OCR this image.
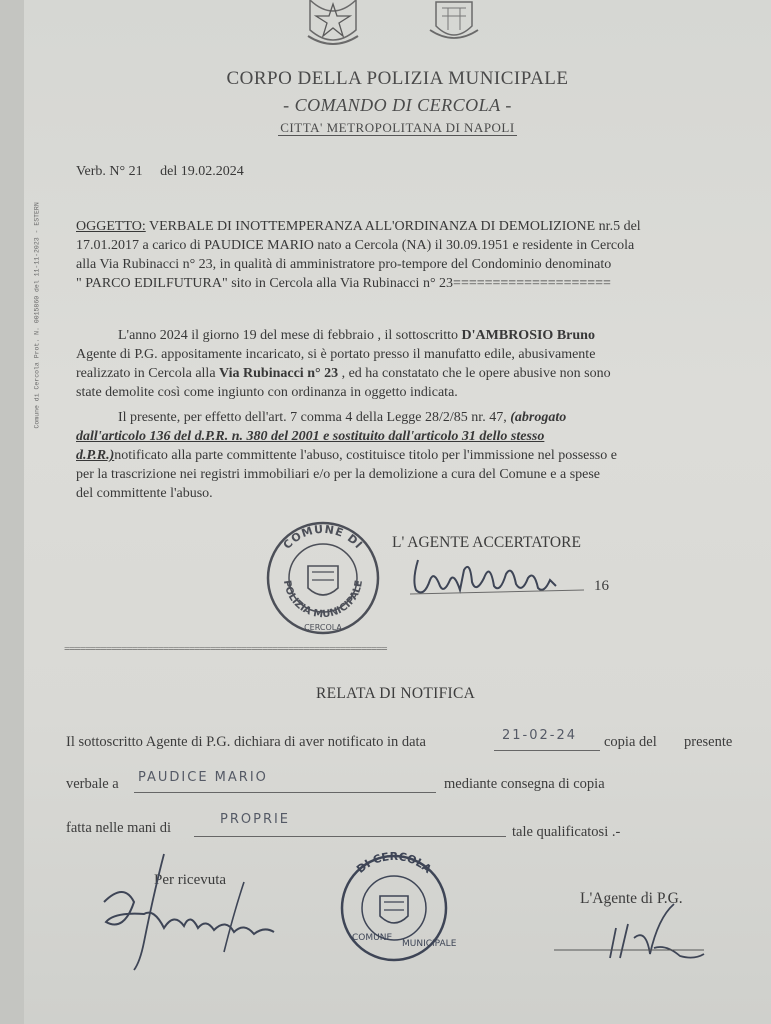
Comune di Cercola Prot. N. 0015860 del 11-11-2023 - ESTERN
CORPO DELLA POLIZIA MUNICIPALE
- COMANDO DI CERCOLA -
CITTA' METROPOLITANA DI NAPOLI
Verb. N° 21 del 19.02.2024
OGGETTO: VERBALE DI INOTTEMPERANZA ALL'ORDINANZA DI DEMOLIZIONE nr.5 del
17.01.2017 a carico di PAUDICE MARIO nato a Cercola (NA) il 30.09.1951 e residente in Cercola
alla Via Rubinacci n° 23, in qualità di amministratore pro-tempore del Condominio denominato
" PARCO EDILFUTURA" sito in Cercola alla Via Rubinacci n° 23====================
L'anno 2024 il giorno 19 del mese di febbraio , il sottoscritto D'AMBROSIO Bruno
Agente di P.G. appositamente incaricato, si è portato presso il manufatto edile, abusivamente
realizzato in Cercola alla Via Rubinacci n° 23 , ed ha constatato che le opere abusive non sono
state demolite così come ingiunto con ordinanza in oggetto indicata.
Il presente, per effetto dell'art. 7 comma 4 della Legge 28/2/85 nr. 47, (abrogato
dall'articolo 136 del d.P.R. n. 380 del 2001 e sostituito dall'articolo 31 dello stesso
d.P.R.)notificato alla parte committente l'abuso, costituisce titolo per l'immissione nel possesso e
per la trascrizione nei registri immobiliari e/o per la demolizione a cura del Comune e a spese
del committente l'abuso.
COMUNE DI
POLIZIA MUNICIPALE
CERCOLA
L' AGENTE ACCERTATORE
16
==============================================================
RELATA DI NOTIFICA
Il sottoscritto Agente di P.G. dichiara di aver notificato in data	21-02-24 copia del presente
verbale a PAUDICE MARIO	mediante consegna di copia
fatta nelle mani di
PROPRIE
tale qualificatosi .-
Per ricevuta
DI CERCOLA
COMUNE
MUNICIPALE
L'Agente di P.G.
